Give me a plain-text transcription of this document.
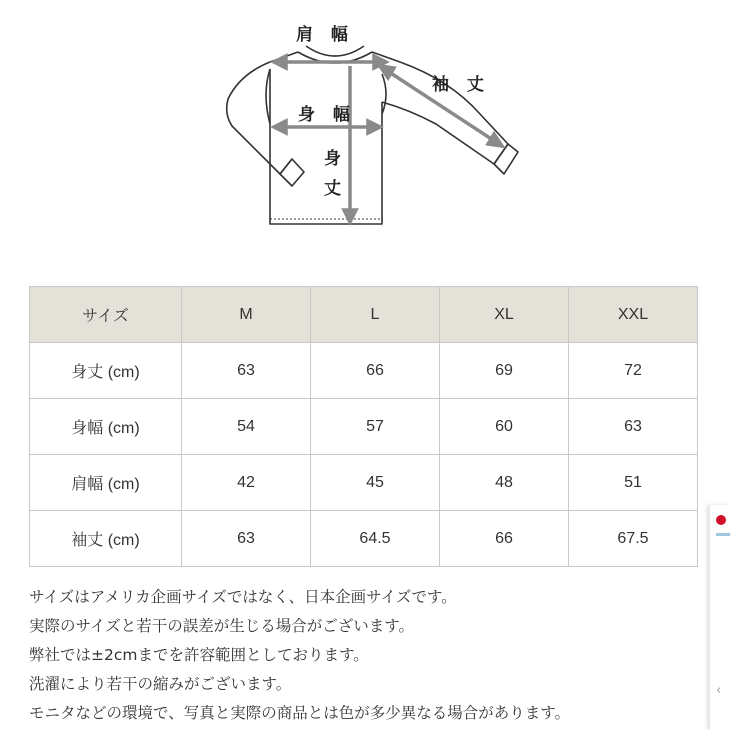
肩 幅
袖 丈
身 幅
身
丈
サイズ	M	L	XL	XXL
身丈 (cm)	63	66	69	72
身幅 (cm)	54	57	60	63
肩幅 (cm)	42	45	48	51
袖丈 (cm)	63	64.5	66	67.5

サイズはアメリカ企画サイズではなく、日本企画サイズです。

実際のサイズと若干の誤差が生じる場合がございます。

弊社では±2cmまでを許容範囲としております。

洗濯により若干の縮みがございます。

モニタなどの環境で、写真と実際の商品とは色が多少異なる場合があります。

‹
